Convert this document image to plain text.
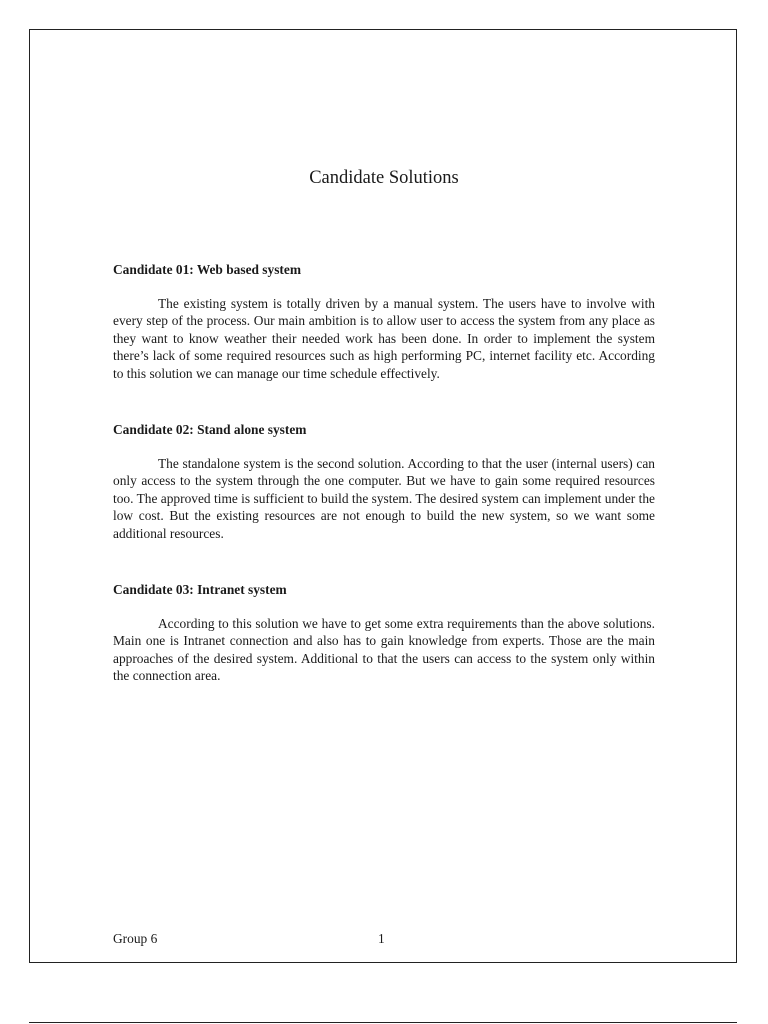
Candidate Solutions

Candidate 01: Web based system

The existing system is totally driven by a manual system. The users have to involve with every step of the process. Our main ambition is to allow user to access the system from any place as they want to know weather their needed work has been done. In order to implement the system there’s lack of some required resources such as high performing PC, internet facility etc. According to this solution we can manage our time schedule effectively.

Candidate 02: Stand alone system

The standalone system is the second solution. According to that the user (internal users) can only access to the system through the one computer. But we have to gain some required resources too. The approved time is sufficient to build the system. The desired system can implement under the low cost. But the existing resources are not enough to build the new system, so we want some additional resources.

Candidate 03: Intranet system

According to this solution we have to get some extra requirements than the above solutions. Main one is Intranet connection and also has to gain knowledge from experts. Those are the main approaches of the desired system. Additional to that the users can access to the system only within the connection area.

Group 6	1
